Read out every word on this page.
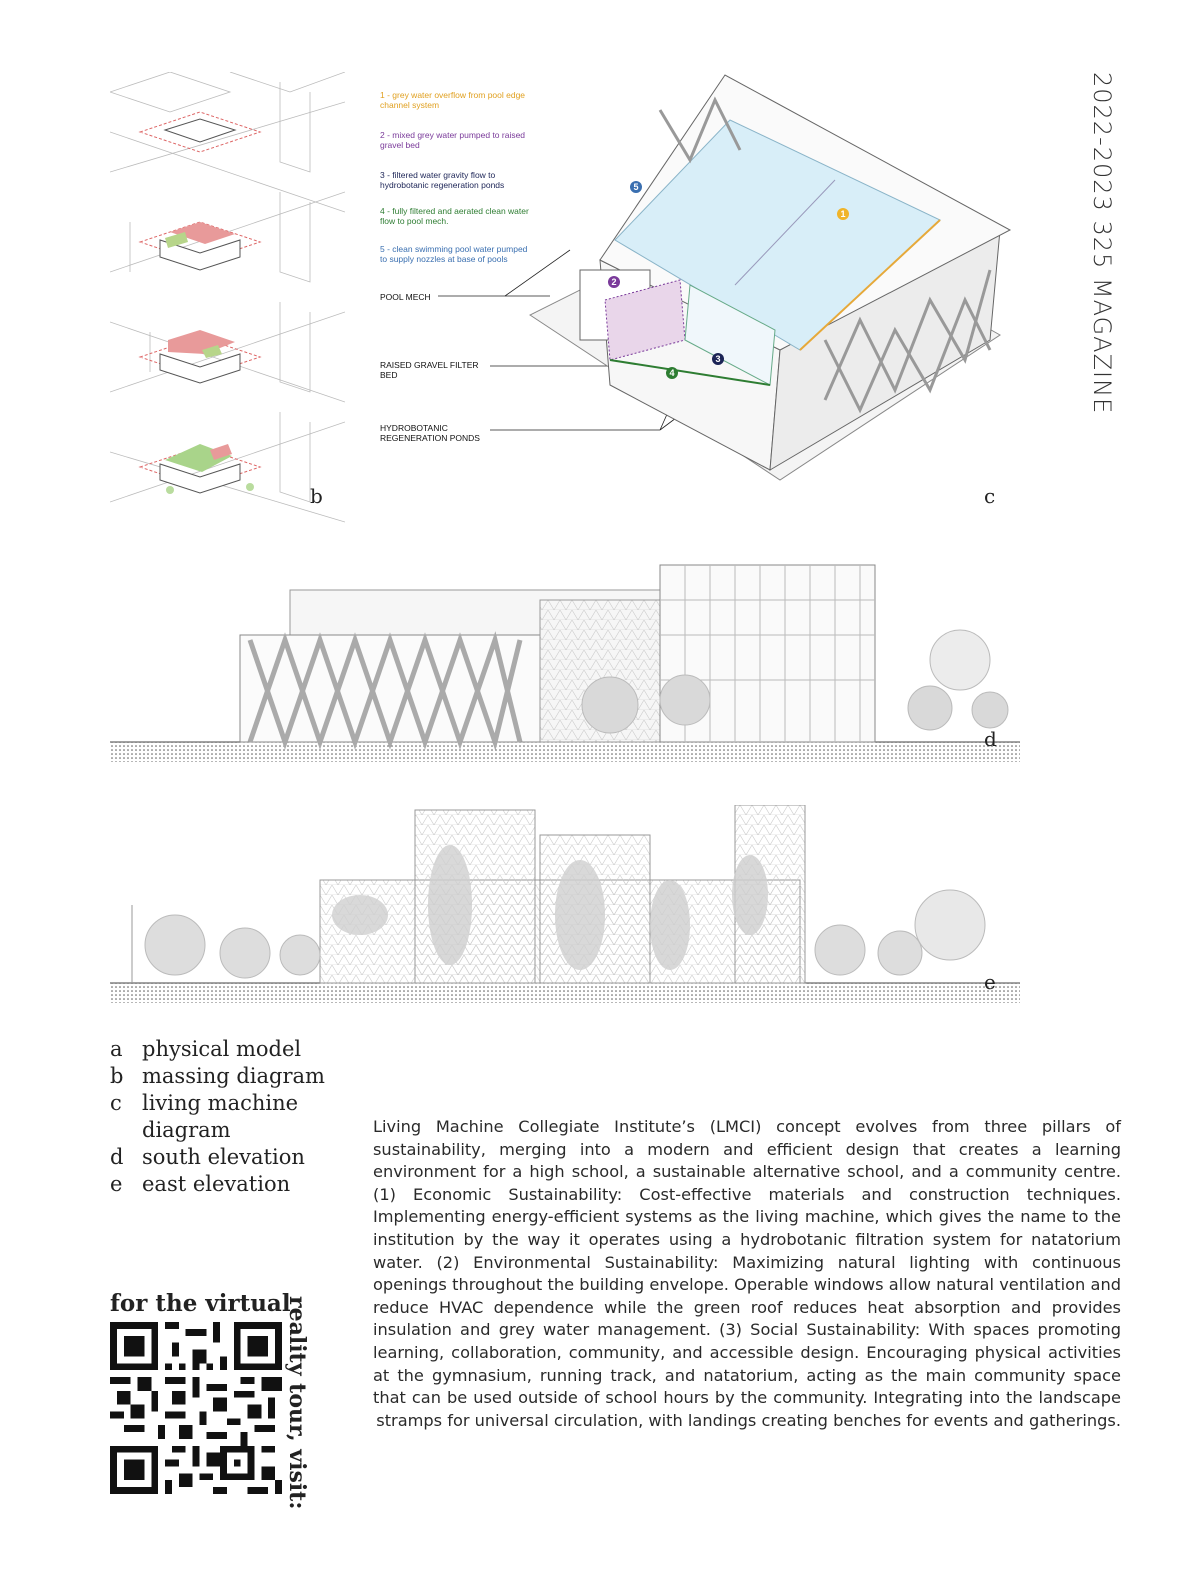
2022-2023 325 MAGAZINE
b
1 - grey water overflow from pool edge channel system
2 - mixed grey water pumped to raised gravel bed
3 - filtered water gravity flow to hydrobotanic regeneration ponds
4 - fully filtered and aerated clean water flow to pool mech.
5 - clean swimming pool water pumped to supply nozzles at base of pools
POOL MECH
RAISED GRAVEL FILTER BED
HYDROBOTANIC REGENERATION PONDS
1
2
3
4
5
c
d
e
a physical model
b massing diagram
c living machine diagram
d south elevation
e east elevation

Living Machine Collegiate Institute’s (LMCI) concept evolves from three pillars of sustainability, merging into a modern and efficient design that creates a learning environment for a high school, a sustainable alternative school, and a community centre. (1) Economic Sustainability: Cost-effective materials and construction techniques. Implementing energy-efficient systems as the living machine, which gives the name to the institution by the way it operates using a hydrobotanic filtration system for natatorium water. (2) Environmental Sustainability: Maximizing natural lighting with continuous openings throughout the building envelope. Operable windows allow natural ventilation and reduce HVAC dependence while the green roof reduces heat absorption and provides insulation and grey water management. (3) Social Sustainability: With spaces promoting learning, collaboration, community, and accessible design. Encouraging physical activities at the gymnasium, running track, and natatorium, acting as the main community space that can be used outside of school hours by the community. Integrating into the landscape stramps for universal circulation, with landings creating benches for events and gatherings.

for the virtual
reality tour, visit:
